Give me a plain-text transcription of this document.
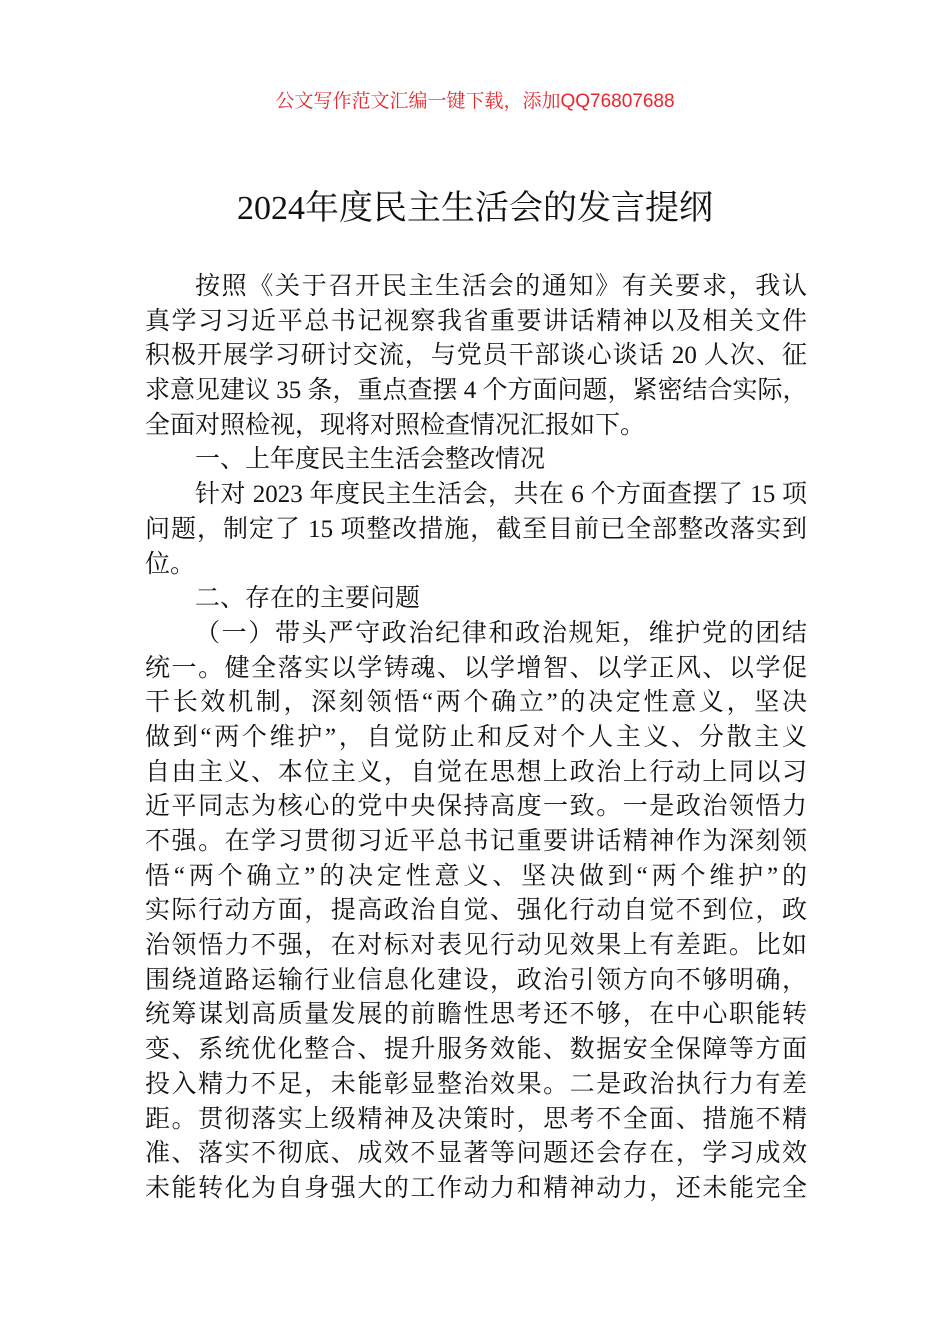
公文写作范文汇编一键下载，添加QQ76807688
2024年度民主生活会的发言提纲
按照《关于召开民主生活会的通知》有关要求，我认
真学习习近平总书记视察我省重要讲话精神以及相关文件
积极开展学习研讨交流，与党员干部谈心谈话 20 人次、征
求意见建议 35 条，重点查摆 4 个方面问题，紧密结合实际，
全面对照检视，现将对照检查情况汇报如下。
一、上年度民主生活会整改情况
针对 2023 年度民主生活会，共在 6 个方面查摆了 15 项
问题，制定了 15 项整改措施，截至目前已全部整改落实到
位。
二、存在的主要问题
（一）带头严守政治纪律和政治规矩，维护党的团结
统一。健全落实以学铸魂、以学增智、以学正风、以学促
干长效机制，深刻领悟“两个确立”的决定性意义，坚决
做到“两个维护”，自觉防止和反对个人主义、分散主义
自由主义、本位主义，自觉在思想上政治上行动上同以习
近平同志为核心的党中央保持高度一致。一是政治领悟力
不强。在学习贯彻习近平总书记重要讲话精神作为深刻领
悟“两个确立”的决定性意义、坚决做到“两个维护”的
实际行动方面，提高政治自觉、强化行动自觉不到位，政
治领悟力不强，在对标对表见行动见效果上有差距。比如
围绕道路运输行业信息化建设，政治引领方向不够明确，
统筹谋划高质量发展的前瞻性思考还不够，在中心职能转
变、系统优化整合、提升服务效能、数据安全保障等方面
投入精力不足，未能彰显整治效果。二是政治执行力有差
距。贯彻落实上级精神及决策时，思考不全面、措施不精
准、落实不彻底、成效不显著等问题还会存在，学习成效
未能转化为自身强大的工作动力和精神动力，还未能完全
